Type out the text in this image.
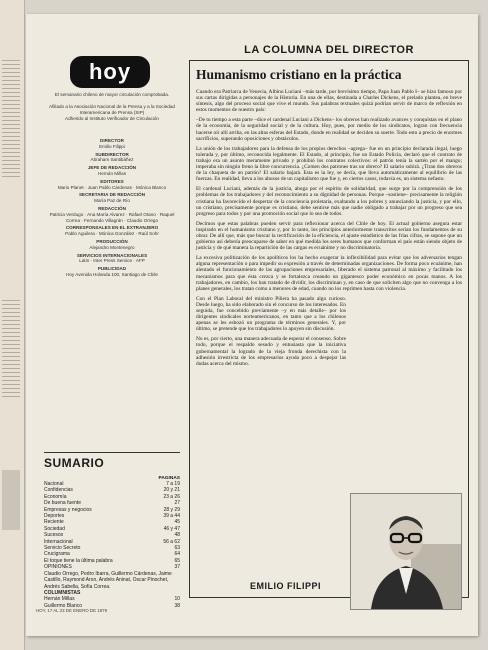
hoy
El semanario chileno de mayor circulación comprobada.
Afiliado a la Asociación Nacional de la Prensa y a la Sociedad
Interamericana de Prensa (SIP)
Adherido al Instituto Verificador de Circulación
DIRECTOR
Emilio Filippi
SUBDIRECTOR
Abraham Santibáñez
JEFE DE REDACCIÓN
Hernán Millas
EDITORES
Mario Planet · Juan Pablo Cárdenas · Mónica Blanco
SECRETARIA DE REDACCIÓN
María Paz de Río
REDACCIÓN
Patricia Verdugo · Ana María Alvarez · Rafael Otano · Raquel Correa · Fernando Villagrán · Claudio Orrego
CORRESPONSALES EN EL EXTRANJERO
Pablo Aguilera · Mónica González · Raúl Sohr
PRODUCCIÓN
Alejandro Montenegro
SERVICIOS INTERNACIONALES
Latin · Inter Press Service · AFP
PUBLICIDAD
Hoy Avenida Holanda 100, Santiago de Chile
SUMARIO
PAGINAS
Nacional	7 a 19
Confidencias	20 y 21
Economía	23 a 26
De buena fuente	27
Empresas y negocios	28 y 29
Deportes	39 a 44
Reciente	45
Sociedad	46 y 47
Sucesos	48
Internacional	56 a 62
Servicio Secreto	63
Crucigrama	64
El toque tiene la última palabra	65
OPINIONES	37
Claudio Orrego, Pedro Ibarra, Guillermo Cárdenas, Jaime Castillo, Raymond Aron, Andrés Aninat, Oscar Pinochet, Andrés Sabella, Sofía Correa.
COLUMNISTAS
Hernán Millas	10
Guillermo Blanco	38
HOY, 17 AL 23 DE ENERO DE 1979
LA COLUMNA DEL DIRECTOR
Humanismo cristiano en la práctica

Cuando era Patriarca de Venecia, Albino Luciani –más tarde, por brevísimo tiempo, Papa Juan Pablo I– se hizo famoso por sus cartas dirigidas a personajes de la Historia. En una de ellas, destinada a Charles Dickens, el prelado plantea, en breve síntesis, algo del proceso social que vive el mundo. Sus palabras textuales quizá podrían servir de marco de reflexión en estos momentos de nuestro país:

–De tu tiempo a esta parte –dice el cardenal Luciani a Dickens– los obreros han realizado avances y conquistas en el plano de la economía, de la seguridad social y de la cultura. Hoy, pues, por medio de los sindicatos, logran con frecuencia hacerse oír allí arriba, en las altas esferas del Estado, donde en realidad se deciden su suerte. Todo esto a precio de enormes sacrificios, superando oposiciones y obstáculos.

La unión de los trabajadores para la defensa de los propios derechos –agrega– fue en un principio declarada ilegal, luego tolerada y, por último, reconocida legalmente. El Estado, al principio, fue un Estado Policía, declaró que el contrato de trabajo era un asunto meramente privado y prohibió los contratos colectivos: el patrón tenía la sartén por el mango; imperaba sin ningún freno la libre concurrencia. ¿Comen dos patrones tras un obrero? El salario subirá. ¿Tiran dos obreros de la chaqueta de un patrón? El salario bajará. Esta es la ley, se decía, que lleva automáticamente al equilibrio de las fuerzas. En realidad, lleva a los abusos de un capitalismo que fue y, en ciertos casos, todavía es, un sistema nefasto.

El cardenal Luciani, además de la justicia, aboga por el espíritu de solidaridad, que surge por la comprensión de los problemas de los trabajadores y del reconocimiento a su dignidad de personas. Porque –sostiene– precisamente la religión cristiana ha favorecido el despertar de la conciencia proletaria, exaltando a los pobres y anunciando la justicia, y por ello, un cristiano, precisamente porque es cristiano, debe sentirse más que nadie obligado a trabajar por un progreso que sea progreso para todos y por una promoción social que lo sea de todos.

Decimos que estas palabras pueden servir para reflexionar acerca del Chile de hoy. El actual gobierno asegura estar inspirado en el humanismo cristiano y, por lo tanto, los principios anteriormente transcritos serían los fundamentos de su obrar. De allí que, más que buscar la rectificación de la eficiencia, el ajuste estadístico de las frías cifras, se supone que un gobierno así debería preocuparse de saber en qué medida los seres humanos que conforman el país están siendo objeto de justicia y de qué manera la repartición de las cargas es ecuánime y no discriminatoria.

La excesiva politización de los apolíticos los ha hecho exagerar la inflexibilidad para evitar que los adversarios tengan alguna representación o para impedir su expresión a través de determinadas organizaciones. De forma poco ecuánime, han alentado el funcionamiento de las agrupaciones empresariales, liberado el sistema patronal al máximo y facilitado los mecanismos para que ésta crezca y se fortalezca creando un gigantesco poder económico en pocas manos. A los trabajadores, en cambio, los han tratado de dividir, los discriminan y, en caso de que soliciten algo que no convenga a los planes generales, los tratan como a menores de edad, cuando no los reprimen hasta con violencia.

Con el Plan Laboral del ministro Piñera ha pasado algo curioso. Desde luego, ha sido elaborado sin el concurso de los interesados. En seguida, fue concebido previamente –y en más detalle– por los dirigentes sindicales norteamericanos, en tanto que a los chilenos apenas se les esbozó un programa de términos generales. Y, por último, se pretende que los trabajadores lo apoyen sin discusión.

No es, por cierto, una manera adecuada de esperar el consenso. Sobre todo, porque el respaldo sesudo y entusiasta que la iniciativa gubernamental la logrado de la vieja fronda derechista con la adhesión irrestricta de los empresarios ayuda poco a despejar las dudas acerca del mismo.

EMILIO FILIPPI
